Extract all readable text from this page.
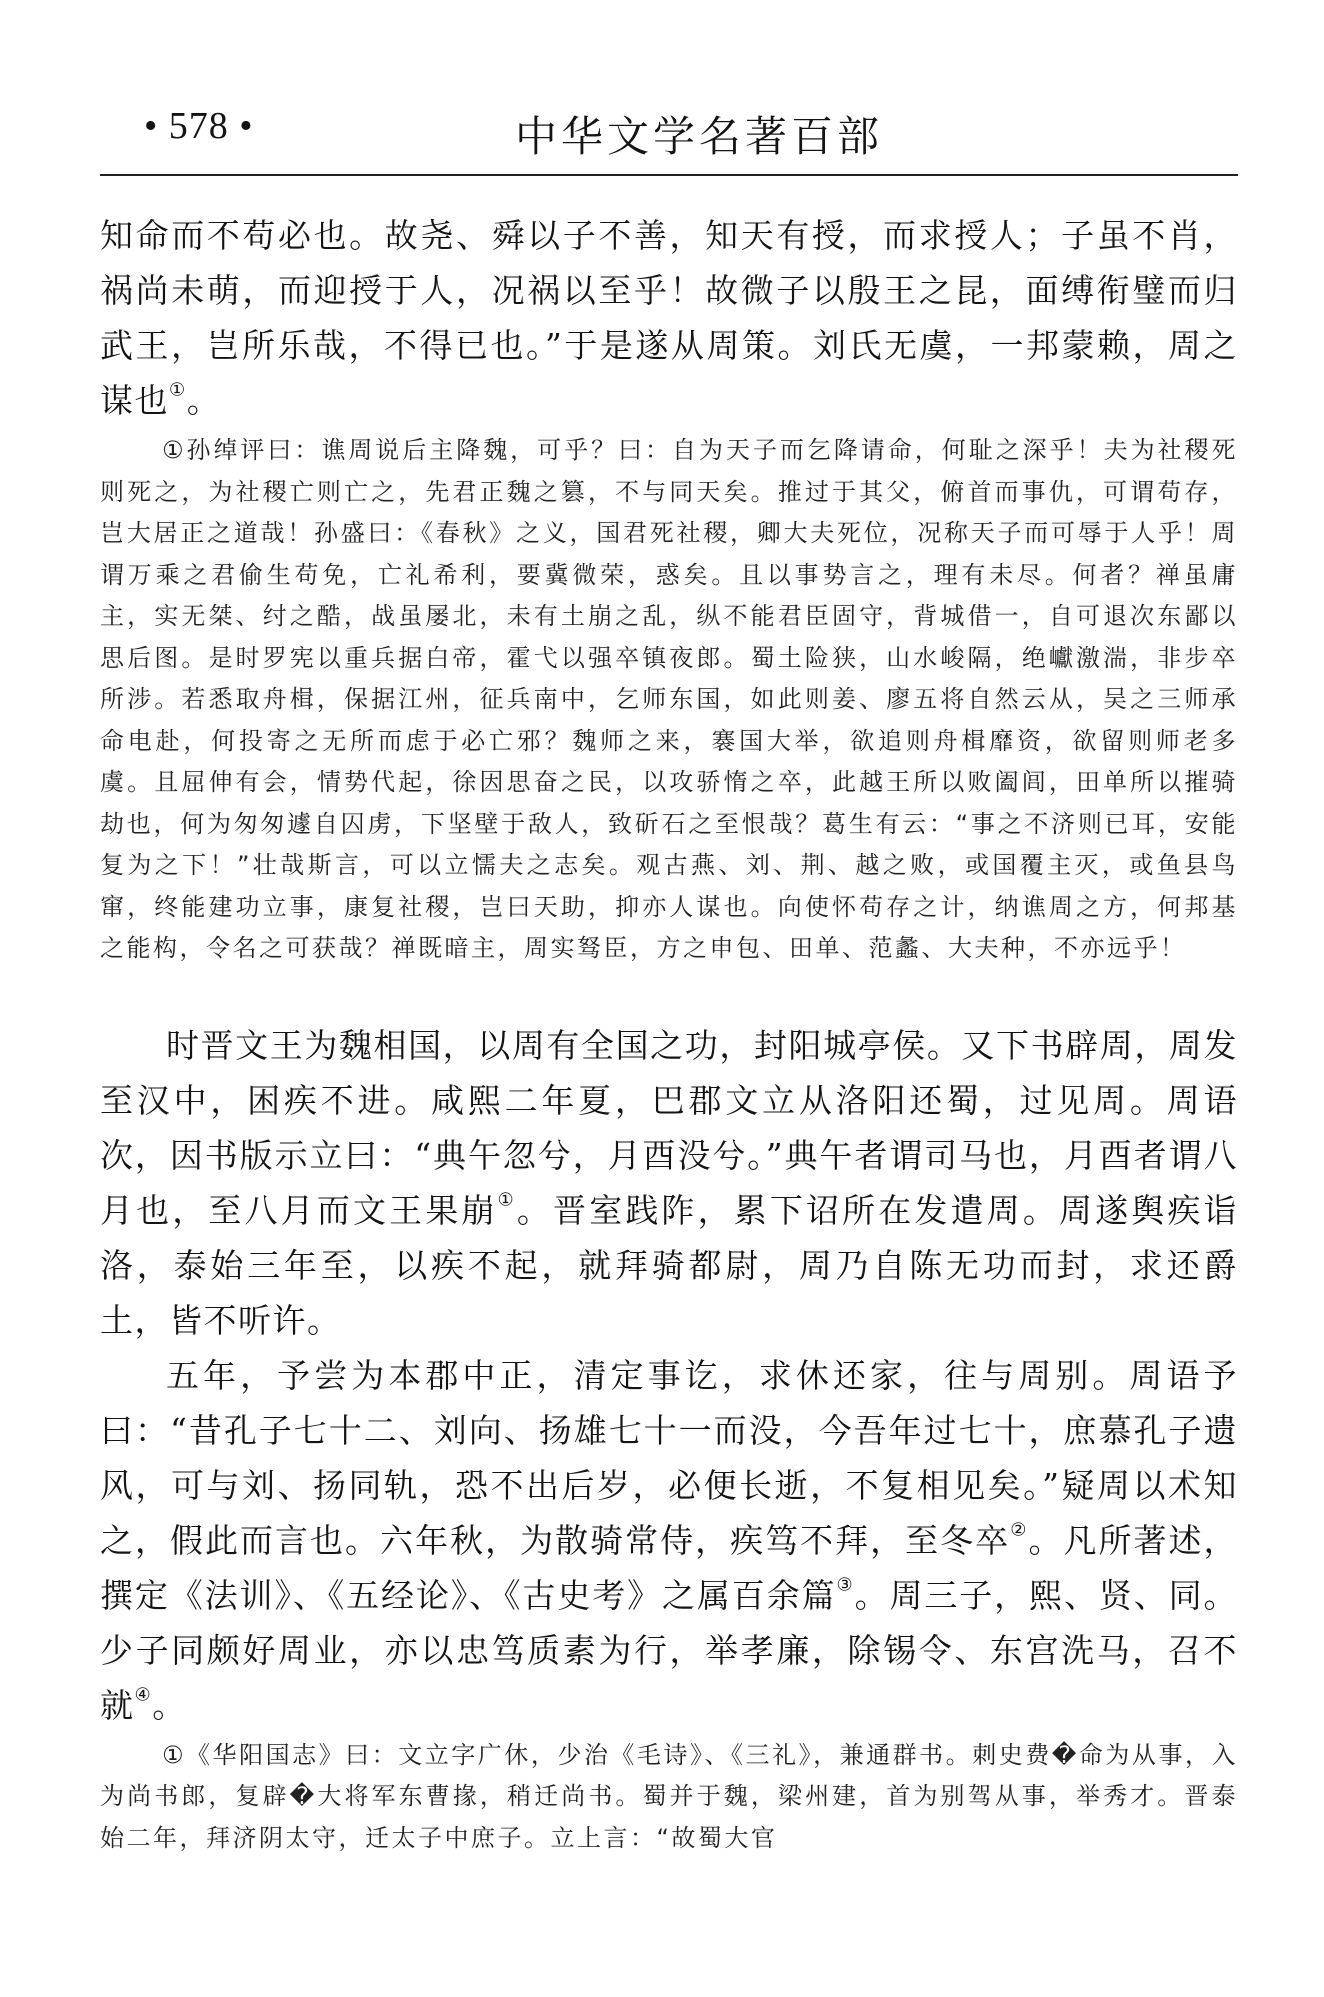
• 578 •	中华文学名著百部

知命而不苟必也。故尧、舜以子不善，知天有授，而求授人；子虽不肖，祸尚未萌，而迎授于人，况祸以至乎！故微子以殷王之昆，面缚衔璧而归武王，岂所乐哉，不得已也。”于是遂从周策。刘氏无虞，一邦蒙赖，周之谋也①。

①孙绰评曰：谯周说后主降魏，可乎？曰：自为天子而乞降请命，何耻之深乎！夫为社稷死则死之，为社稷亡则亡之，先君正魏之篡，不与同天矣。推过于其父，俯首而事仇，可谓苟存，岂大居正之道哉！孙盛曰：《春秋》之义，国君死社稷，卿大夫死位，况称天子而可辱于人乎！周谓万乘之君偷生苟免，亡礼希利，要冀微荣，惑矣。且以事势言之，理有未尽。何者？禅虽庸主，实无桀、纣之酷，战虽屡北，未有土崩之乱，纵不能君臣固守，背城借一，自可退次东鄙以思后图。是时罗宪以重兵据白帝，霍弋以强卒镇夜郎。蜀土险狭，山水峻隔，绝巘激湍，非步卒所涉。若悉取舟楫，保据江州，征兵南中，乞师东国，如此则姜、廖五将自然云从，吴之三师承命电赴，何投寄之无所而虑于必亡邪？魏师之来，褰国大举，欲追则舟楫靡资，欲留则师老多虞。且屈伸有会，情势代起，徐因思奋之民，以攻骄惰之卒，此越王所以败阖闾，田单所以摧骑劫也，何为匆匆遽自囚虏，下坚壁于敌人，致斫石之至恨哉？葛生有云：“事之不济则已耳，安能复为之下！”壮哉斯言，可以立懦夫之志矣。观古燕、刘、荆、越之败，或国覆主灭，或鱼县鸟窜，终能建功立事，康复社稷，岂曰天助，抑亦人谋也。向使怀苟存之计，纳谯周之方，何邦基之能构，令名之可获哉？禅既暗主，周实驽臣，方之申包、田单、范蠡、大夫种，不亦远乎！

时晋文王为魏相国，以周有全国之功，封阳城亭侯。又下书辟周，周发至汉中，困疾不进。咸熙二年夏，巴郡文立从洛阳还蜀，过见周。周语次，因书版示立曰：“典午忽兮，月酉没兮。”典午者谓司马也，月酉者谓八月也，至八月而文王果崩①。晋室践阼，累下诏所在发遣周。周遂舆疾诣洛，泰始三年至，以疾不起，就拜骑都尉，周乃自陈无功而封，求还爵土，皆不听许。

五年，予尝为本郡中正，清定事讫，求休还家，往与周别。周语予曰：“昔孔子七十二、刘向、扬雄七十一而没，今吾年过七十，庶慕孔子遗风，可与刘、扬同轨，恐不出后岁，必便长逝，不复相见矣。”疑周以术知之，假此而言也。六年秋，为散骑常侍，疾笃不拜，至冬卒②。凡所著述，撰定《法训》、《五经论》、《古史考》之属百余篇③。周三子，熙、贤、同。少子同颇好周业，亦以忠笃质素为行，举孝廉，除锡令、东宫洗马，召不就④。

①《华阳国志》曰：文立字广休，少治《毛诗》、《三礼》，兼通群书。刺史费�命为从事，入为尚书郎，复辟�大将军东曹掾，稍迁尚书。蜀并于魏，梁州建，首为别驾从事，举秀才。晋泰始二年，拜济阴太守，迁太子中庶子。立上言：“故蜀大官
